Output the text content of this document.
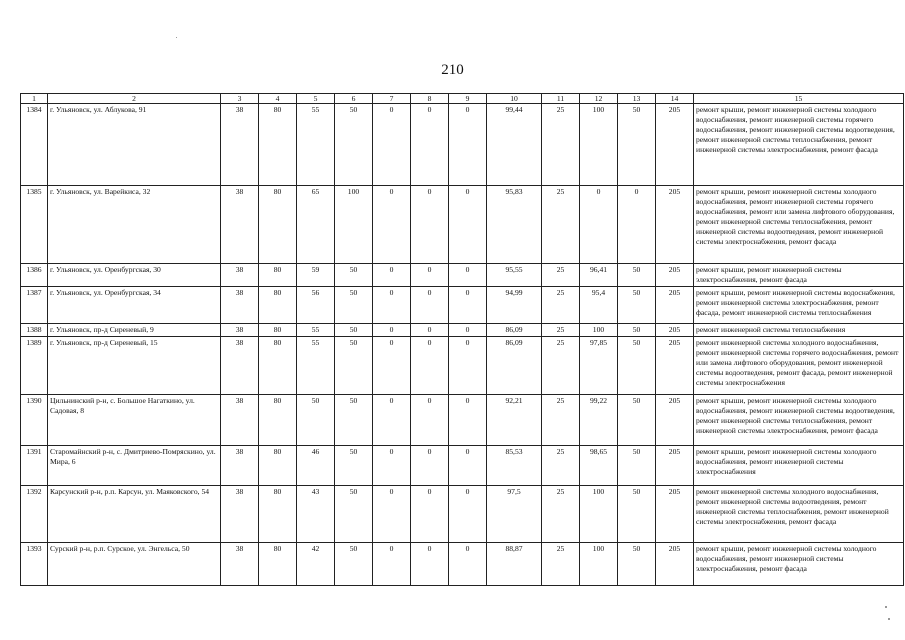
210
1	2	3	4	5	6	7	8	9	10	11	12	13	14	15
1384	г. Ульяновск, ул. Аблукова, 91	38	80	55	50	0	0	0	99,44	25	100	50	205	ремонт крыши, ремонт инженерной системы холодного водоснабжения, ремонт инженерной системы горячего водоснабжения, ремонт инженерной системы водоотведения, ремонт инженерной системы теплоснабжения, ремонт инженерной системы электроснабжения, ремонт фасада
1385	г. Ульяновск, ул. Варейкиса, 32	38	80	65	100	0	0	0	95,83	25	0	0	205	ремонт крыши, ремонт инженерной системы холодного водоснабжения, ремонт инженерной системы горячего водоснабжения, ремонт или замена лифтового оборудования, ремонт инженерной системы теплоснабжения, ремонт инженерной системы водоотведения, ремонт инженерной системы электроснабжения, ремонт фасада
1386	г. Ульяновск, ул. Оренбургская, 30	38	80	59	50	0	0	0	95,55	25	96,41	50	205	ремонт крыши, ремонт инженерной системы электроснабжения, ремонт фасада
1387	г. Ульяновск, ул. Оренбургская, 34	38	80	56	50	0	0	0	94,99	25	95,4	50	205	ремонт крыши, ремонт инженерной системы водоснабжения, ремонт инженерной системы электроснабжения, ремонт фасада, ремонт инженерной системы теплоснабжения
1388	г. Ульяновск, пр-д Сиреневый, 9	38	80	55	50	0	0	0	86,09	25	100	50	205	ремонт инженерной системы теплоснабжения
1389	г. Ульяновск, пр-д Сиреневый, 15	38	80	55	50	0	0	0	86,09	25	97,85	50	205	ремонт инженерной системы холодного водоснабжения, ремонт инженерной системы горячего водоснабжения, ремонт или замена лифтового оборудования, ремонт инженерной системы водоотведения, ремонт фасада, ремонт инженерной системы электроснабжения
1390	Цильнинский р-н, с. Большое Нагаткино, ул. Садовая, 8	38	80	50	50	0	0	0	92,21	25	99,22	50	205	ремонт крыши, ремонт инженерной системы холодного водоснабжения, ремонт инженерной системы водоотведения, ремонт инженерной системы теплоснабжения, ремонт инженерной системы электроснабжения, ремонт фасада
1391	Старомайнский р-н, с. Дмитриево-Помряскино, ул. Мира, 6	38	80	46	50	0	0	0	85,53	25	98,65	50	205	ремонт крыши, ремонт инженерной системы холодного водоснабжения, ремонт инженерной системы электроснабжения
1392	Карсунский р-н, р.п. Карсун, ул. Маяковского, 54	38	80	43	50	0	0	0	97,5	25	100	50	205	ремонт инженерной системы холодного водоснабжения, ремонт инженерной системы водоотведения, ремонт инженерной системы теплоснабжения, ремонт инженерной системы электроснабжения, ремонт фасада
1393	Сурский р-н, р.п. Сурское, ул. Энгельса, 50	38	80	42	50	0	0	0	88,87	25	100	50	205	ремонт крыши, ремонт инженерной системы холодного водоснабжения, ремонт инженерной системы электроснабжения, ремонт фасада
